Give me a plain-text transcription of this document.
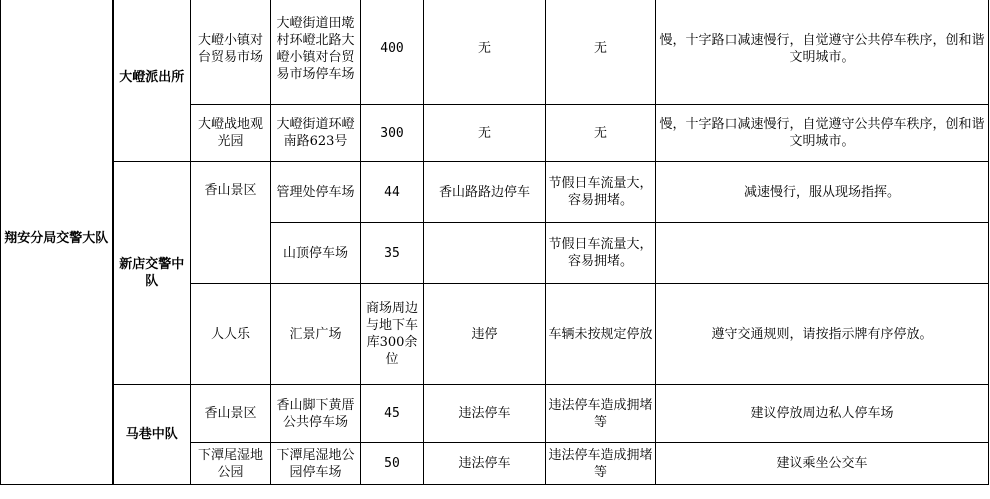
翔安分局交警大队	大嶝派出所	大嶝小镇对台贸易市场	大嶝街道田墘村环嶝北路大嶝小镇对台贸易市场停车场	400	无	无	慢，十字路口减速慢行，自觉遵守公共停车秩序，创和谐文明城市。
		大嶝战地观光园	大嶝街道环嶝南路623号	300	无	无	慢，十字路口减速慢行，自觉遵守公共停车秩序，创和谐文明城市。
	新店交警中队	香山景区	管理处停车场	44	香山路路边停车	节假日车流量大，容易拥堵。	减速慢行，服从现场指挥。
			山顶停车场	35		节假日车流量大，容易拥堵。	
		人人乐	汇景广场	商场周边与地下车库300余位	违停	车辆未按规定停放	遵守交通规则，请按指示牌有序停放。
	马巷中队	香山景区	香山脚下黄厝公共停车场	45	违法停车	违法停车造成拥堵等	建议停放周边私人停车场
		下潭尾湿地公园	下潭尾湿地公园停车场	50	违法停车	违法停车造成拥堵等	建议乘坐公交车
